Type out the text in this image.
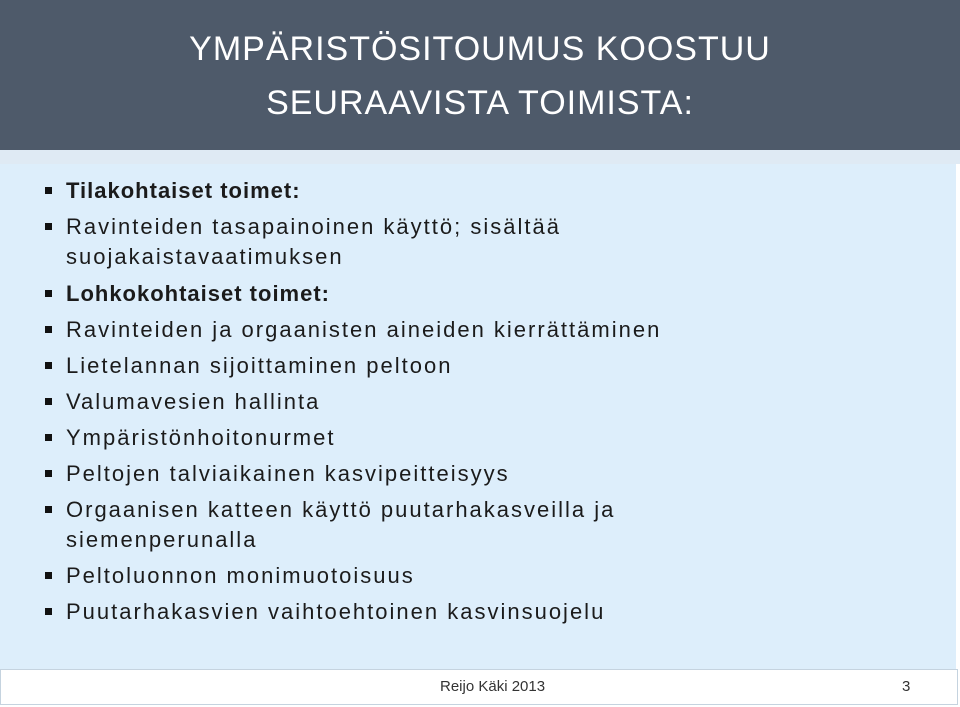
YMPÄRISTÖSITOUMUS KOOSTUU
SEURAAVISTA TOIMISTA:
Tilakohtaiset toimet:
Ravinteiden tasapainoinen käyttö; sisältää
suojakaistavaatimuksen
Lohkokohtaiset toimet:
Ravinteiden ja orgaanisten aineiden kierrättäminen
Lietelannan sijoittaminen peltoon
Valumavesien hallinta
Ympäristönhoitonurmet
Peltojen talviaikainen kasvipeitteisyys
Orgaanisen katteen käyttö puutarhakasveilla ja
siemenperunalla
Peltoluonnon monimuotoisuus
Puutarhakasvien vaihtoehtoinen kasvinsuojelu
Reijo Käki 2013	3
